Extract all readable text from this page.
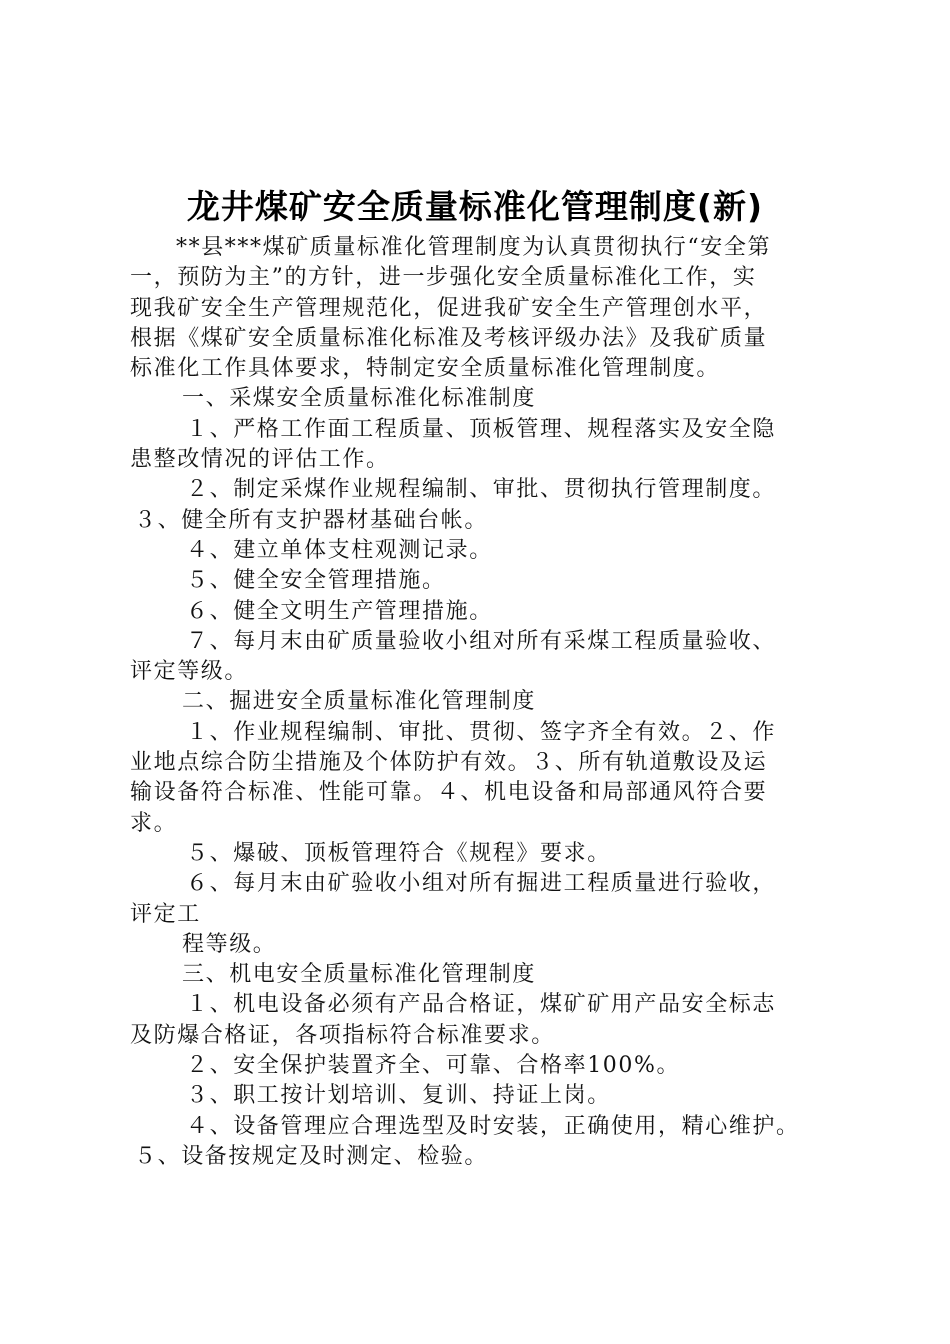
龙井煤矿安全质量标准化管理制度(新)
**县***煤矿质量标准化管理制度为认真贯彻执行“安全第
一，预防为主”的方针，进一步强化安全质量标准化工作，实
现我矿安全生产管理规范化，促进我矿安全生产管理创水平，
根据《煤矿安全质量标准化标准及考核评级办法》及我矿质量
标准化工作具体要求，特制定安全质量标准化管理制度。
一、采煤安全质量标准化标准制度
１、严格工作面工程质量、顶板管理、规程落实及安全隐
患整改情况的评估工作。
２、制定采煤作业规程编制、审批、贯彻执行管理制度。
３、健全所有支护器材基础台帐。
４、建立单体支柱观测记录。
５、健全安全管理措施。
６、健全文明生产管理措施。
７、每月末由矿质量验收小组对所有采煤工程质量验收、
评定等级。
二、掘进安全质量标准化管理制度
１、作业规程编制、审批、贯彻、签字齐全有效。２、作
业地点综合防尘措施及个体防护有效。３、所有轨道敷设及运
输设备符合标准、性能可靠。４、机电设备和局部通风符合要
求。
５、爆破、顶板管理符合《规程》要求。
６、每月末由矿验收小组对所有掘进工程质量进行验收，
评定工
程等级。
三、机电安全质量标准化管理制度
１、机电设备必须有产品合格证，煤矿矿用产品安全标志
及防爆合格证，各项指标符合标准要求。
２、安全保护装置齐全、可靠、合格率100%。
３、职工按计划培训、复训、持证上岗。
４、设备管理应合理选型及时安装，正确使用，精心维护。
５、设备按规定及时测定、检验。
